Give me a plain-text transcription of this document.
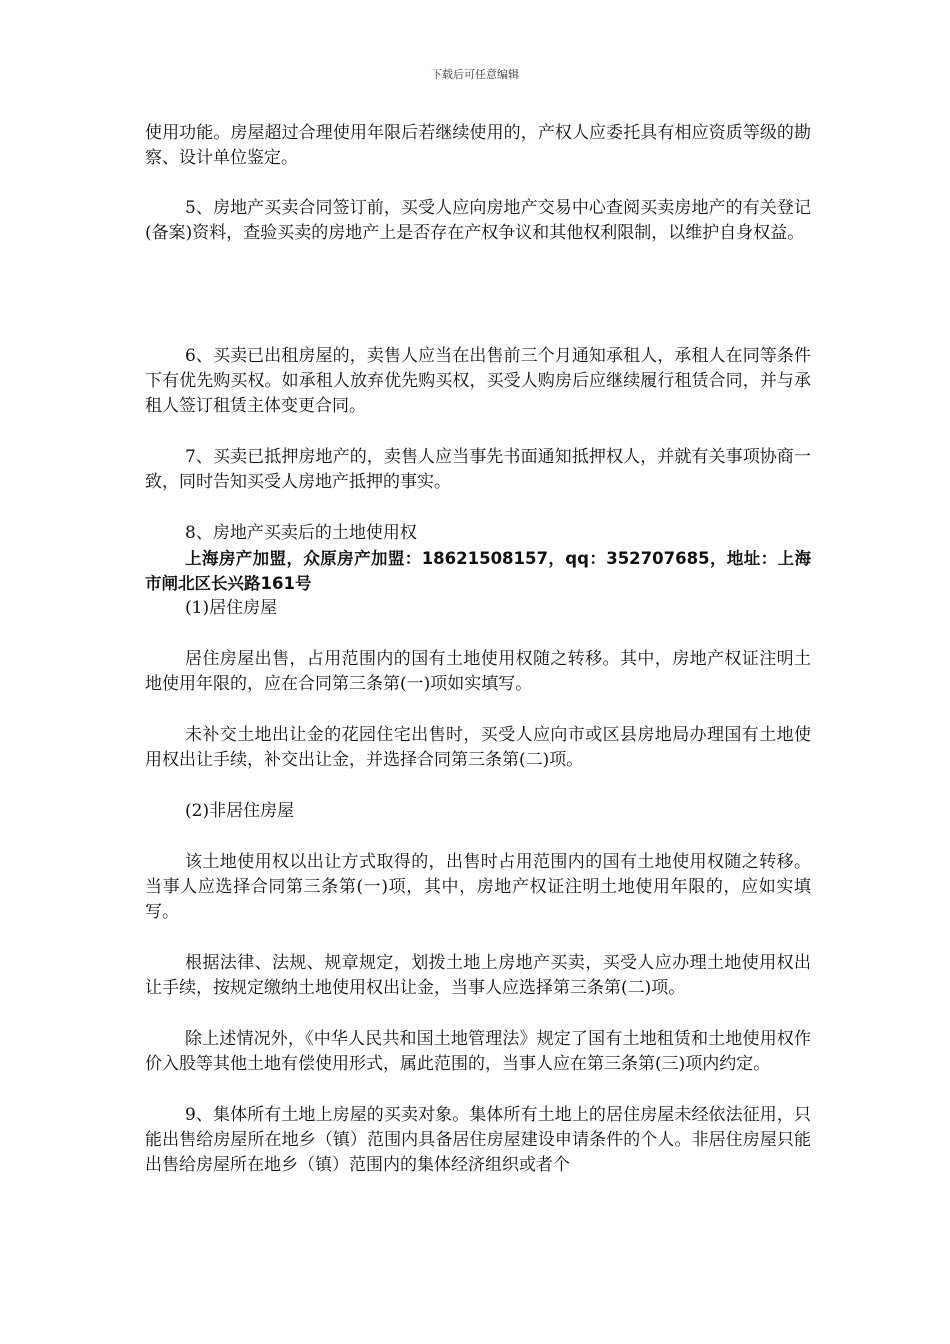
下载后可任意编辑

使用功能。房屋超过合理使用年限后若继续使用的，产权人应委托具有相应资质等级的勘察、设计单位鉴定。

5、房地产买卖合同签订前，买受人应向房地产交易中心查阅买卖房地产的有关登记(备案)资料，查验买卖的房地产上是否存在产权争议和其他权利限制，以维护自身权益。

6、买卖已出租房屋的，卖售人应当在出售前三个月通知承租人，承租人在同等条件下有优先购买权。如承租人放弃优先购买权，买受人购房后应继续履行租赁合同，并与承租人签订租赁主体变更合同。

7、买卖已抵押房地产的，卖售人应当事先书面通知抵押权人，并就有关事项协商一致，同时告知买受人房地产抵押的事实。

8、房地产买卖后的土地使用权

上海房产加盟，众原房产加盟：18621508157，qq：352707685，地址：上海市闸北区长兴路161号

(1)居住房屋

居住房屋出售，占用范围内的国有土地使用权随之转移。其中，房地产权证注明土地使用年限的，应在合同第三条第(一)项如实填写。

未补交土地出让金的花园住宅出售时，买受人应向市或区县房地局办理国有土地使用权出让手续，补交出让金，并选择合同第三条第(二)项。

(2)非居住房屋

该土地使用权以出让方式取得的，出售时占用范围内的国有土地使用权随之转移。当事人应选择合同第三条第(一)项，其中，房地产权证注明土地使用年限的，应如实填写。

根据法律、法规、规章规定，划拨土地上房地产买卖，买受人应办理土地使用权出让手续，按规定缴纳土地使用权出让金，当事人应选择第三条第(二)项。

除上述情况外，《中华人民共和国土地管理法》规定了国有土地租赁和土地使用权作价入股等其他土地有偿使用形式，属此范围的，当事人应在第三条第(三)项内约定。

9、集体所有土地上房屋的买卖对象。集体所有土地上的居住房屋未经依法征用，只能出售给房屋所在地乡（镇）范围内具备居住房屋建设申请条件的个人。非居住房屋只能出售给房屋所在地乡（镇）范围内的集体经济组织或者个
